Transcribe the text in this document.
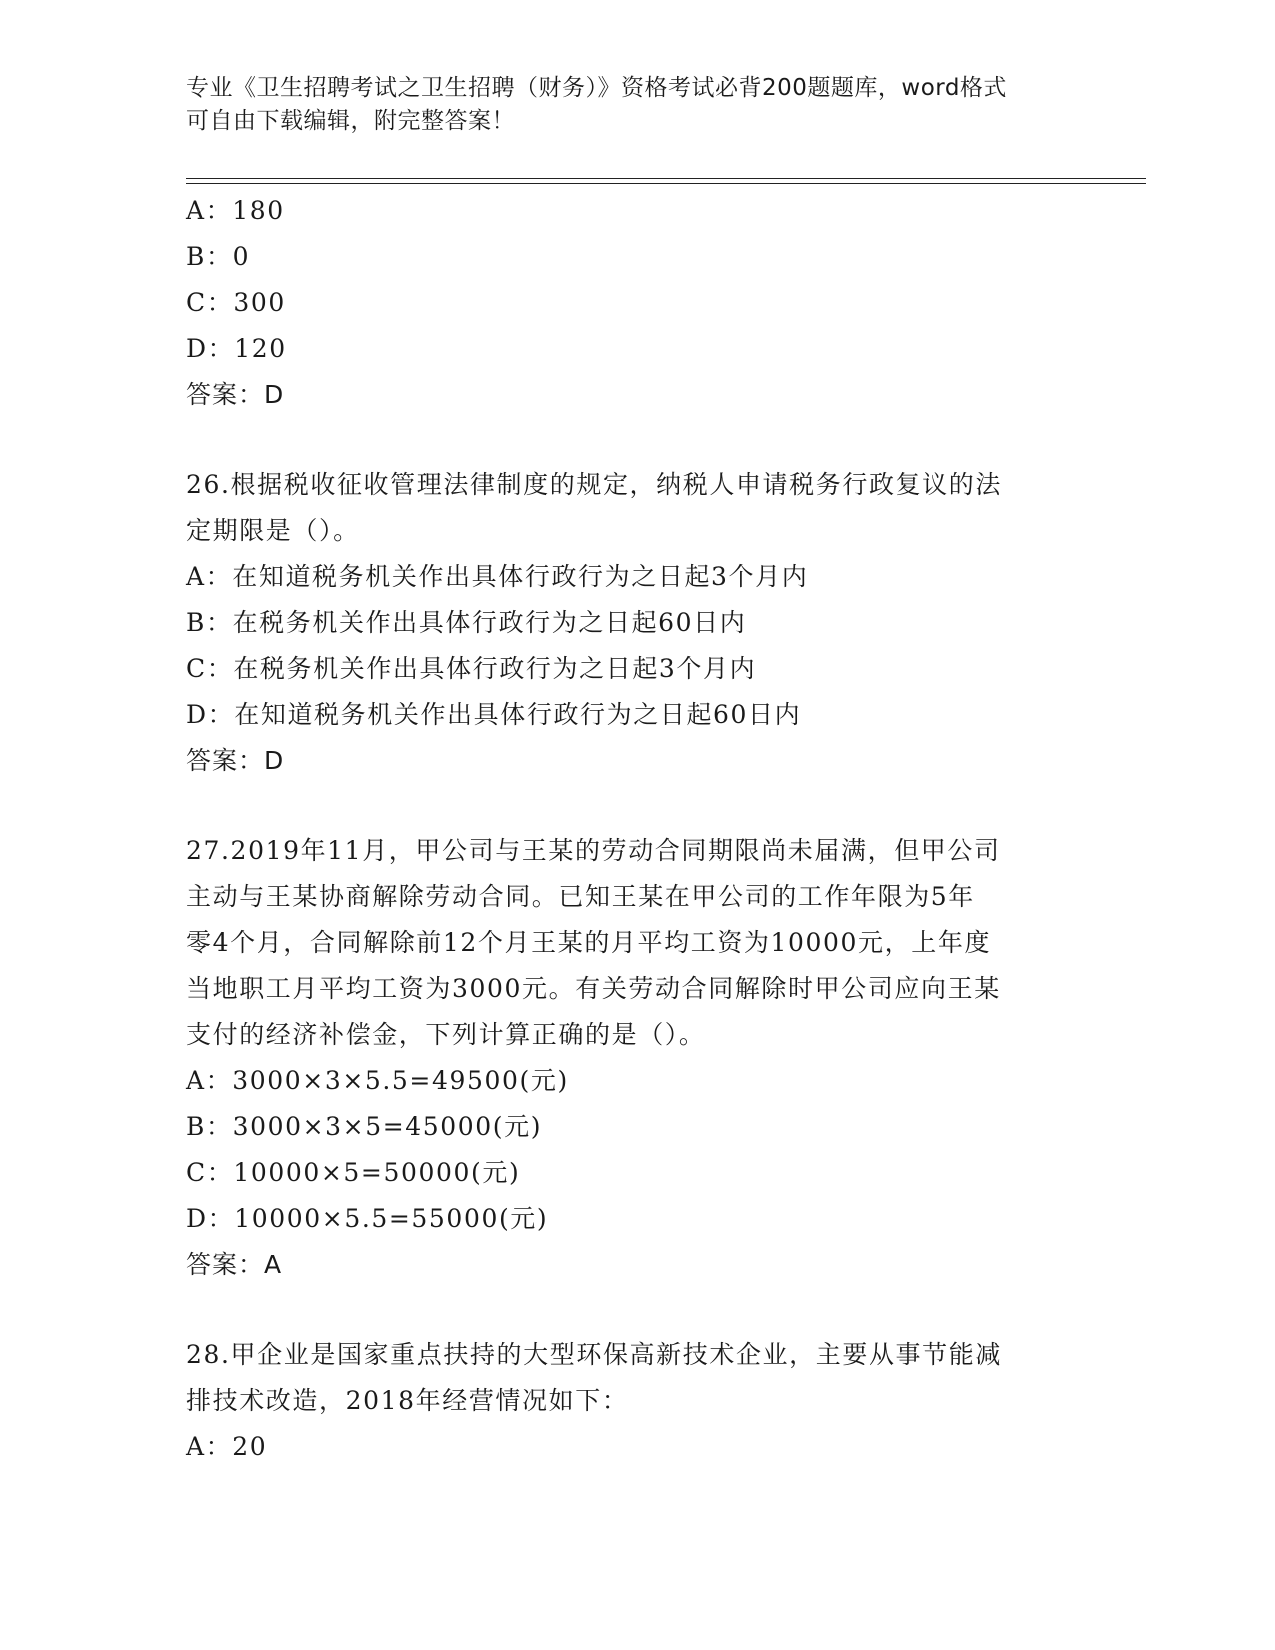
专业《卫生招聘考试之卫生招聘（财务）》资格考试必背200题题库，word格式
可自由下载编辑，附完整答案！
A：180
B：0
C：300
D：120
答案：D
26.根据税收征收管理法律制度的规定，纳税人申请税务行政复议的法
定期限是（）。
A：在知道税务机关作出具体行政行为之日起3个月内
B：在税务机关作出具体行政行为之日起60日内
C：在税务机关作出具体行政行为之日起3个月内
D：在知道税务机关作出具体行政行为之日起60日内
答案：D
27.2019年11月，甲公司与王某的劳动合同期限尚未届满，但甲公司
主动与王某协商解除劳动合同。已知王某在甲公司的工作年限为5年
零4个月，合同解除前12个月王某的月平均工资为10000元，上年度
当地职工月平均工资为3000元。有关劳动合同解除时甲公司应向王某
支付的经济补偿金，下列计算正确的是（）。
A：3000×3×5.5=49500(元)
B：3000×3×5=45000(元)
C：10000×5=50000(元)
D：10000×5.5=55000(元)
答案：A
28.甲企业是国家重点扶持的大型环保高新技术企业，主要从事节能减
排技术改造，2018年经营情况如下：
A：20
